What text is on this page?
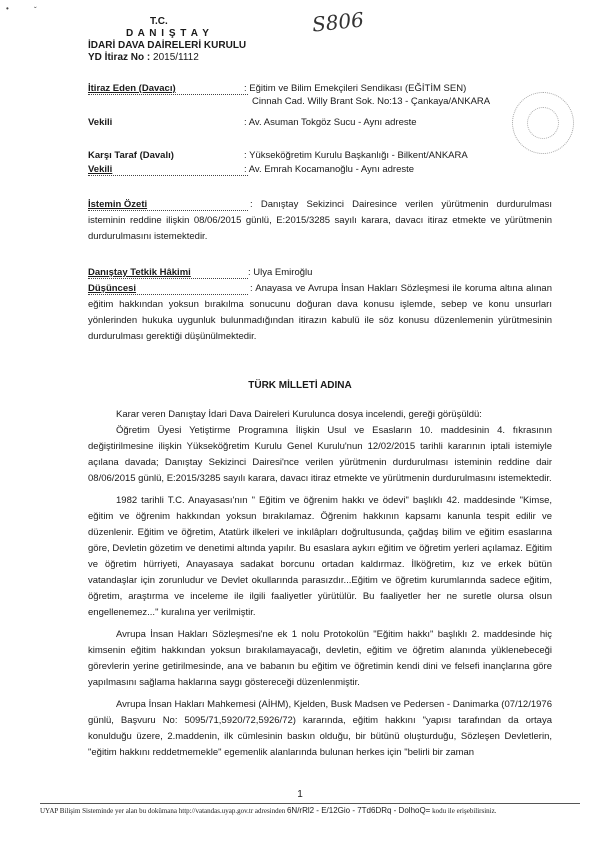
•	ˇ
T.C.
D A N I Ş T A Y
İDARİ DAVA DAİRELERİ KURULU
YD İtiraz No : 2015/1112
S806
İtiraz Eden (Davacı)	: Eğitim ve Bilim Emekçileri Sendikası (EĞİTİM SEN)
Cinnah Cad. Willy Brant Sok. No:13 - Çankaya/ANKARA
Vekili	: Av. Asuman Tokgöz Sucu - Aynı adreste
Karşı Taraf (Davalı)	: Yükseköğretim Kurulu Başkanlığı - Bilkent/ANKARA
Vekili	: Av. Emrah Kocamanoğlu - Aynı adreste
İstemin Özeti	: Danıştay Sekizinci Dairesince verilen yürütmenin durdurulması isteminin reddine ilişkin 08/06/2015 günlü, E:2015/3285 sayılı karara, davacı itiraz etmekte ve yürütmenin durdurulmasını istemektedir.
Danıştay Tetkik Hâkimi	: Ulya Emiroğlu
Düşüncesi	: Anayasa ve Avrupa İnsan Hakları Sözleşmesi ile koruma altına alınan eğitim hakkından yoksun bırakılma sonucunu doğuran dava konusu işlemde, sebep ve konu unsurları yönlerinden hukuka uygunluk bulunmadığından itirazın kabulü ile söz konusu düzenlemenin yürütmesinin durdurulması gerektiği düşünülmektedir.
TÜRK MİLLETİ ADINA

Karar veren Danıştay İdari Dava Daireleri Kurulunca dosya incelendi, gereği görüşüldü:

Öğretim Üyesi Yetiştirme Programına İlişkin Usul ve Esasların 10. maddesinin 4. fıkrasının değiştirilmesine ilişkin Yükseköğretim Kurulu Genel Kurulu'nun 12/02/2015 tarihli kararının iptali istemiyle açılana davada; Danıştay Sekizinci Dairesi'nce verilen yürütmenin durdurulması isteminin reddine dair 08/06/2015 günlü, E:2015/3285 sayılı karara, davacı itiraz etmekte ve yürütmenin durdurulmasını istemektedir.

1982 tarihli T.C. Anayasası'nın " Eğitim ve öğrenim hakkı ve ödevi" başlıklı 42. maddesinde "Kimse, eğitim ve öğrenim hakkından yoksun bırakılamaz. Öğrenim hakkının kapsamı kanunla tespit edilir ve düzenlenir. Eğitim ve öğretim, Atatürk ilkeleri ve inkılâpları doğrultusunda, çağdaş bilim ve eğitim esaslarına göre, Devletin gözetim ve denetimi altında yapılır. Bu esaslara aykırı eğitim ve öğretim yerleri açılamaz. Eğitim ve öğretim hürriyeti, Anayasaya sadakat borcunu ortadan kaldırmaz. İlköğretim, kız ve erkek bütün vatandaşlar için zorunludur ve Devlet okullarında parasızdır...Eğitim ve öğretim kurumlarında sadece eğitim, öğretim, araştırma ve inceleme ile ilgili faaliyetler yürütülür. Bu faaliyetler her ne suretle olursa olsun engellenemez..." kuralına yer verilmiştir.

Avrupa İnsan Hakları Sözleşmesi'ne ek 1 nolu Protokolün "Eğitim hakkı" başlıklı 2. maddesinde hiç kimsenin eğitim hakkından yoksun bırakılamayacağı, devletin, eğitim ve öğretim alanında yüklenebeceği görevlerin yerine getirilmesinde, ana ve babanın bu eğitim ve öğretimin kendi dini ve felsefi inançlarına göre yapılmasını sağlama haklarına saygı göstereceği düzenlenmiştir.

Avrupa İnsan Hakları Mahkemesi (AİHM), Kjelden, Busk Madsen ve Pedersen - Danimarka (07/12/1976 günlü, Başvuru No: 5095/71,5920/72,5926/72) kararında, eğitim hakkını "yapısı tarafından da ortaya konulduğu üzere, 2.maddenin, ilk cümlesinin baskın olduğu, bir bütünü oluşturduğu, Sözleşen Devletlerin, "eğitim hakkını reddetmemekle" egemenlik alanlarında bulunan herkes için "belirli bir zaman

1
UYAP Bilişim Sisteminde yer alan bu dokümana http://vatandas.uyap.gov.tr adresinden 6N/rRl2 - E/12Gio - 7Td6DRq - DolhoQ= kodu ile erişebilirsiniz.
